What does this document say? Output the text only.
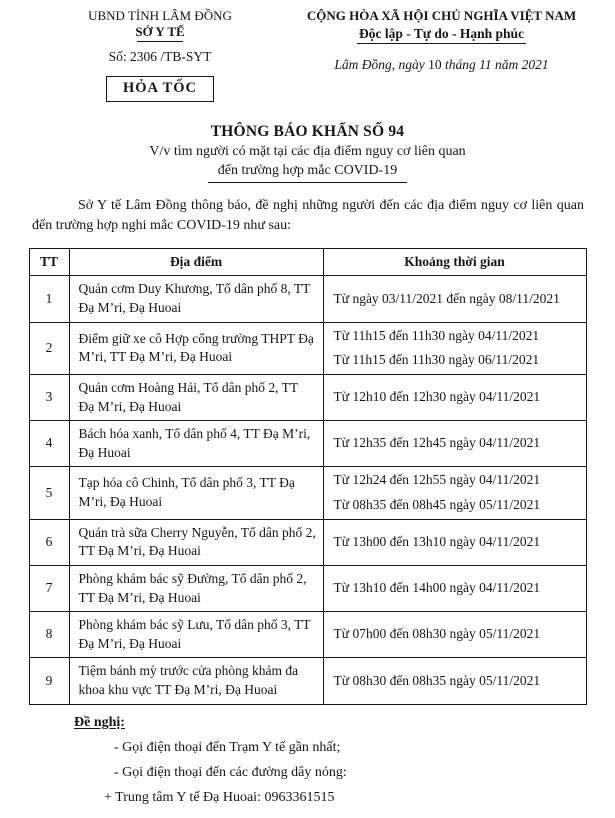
UBND TỈNH LÂM ĐỒNG
SỞ Y TẾ
Số: 2306 /TB-SYT
HỎA TỐC
CỘNG HÒA XÃ HỘI CHỦ NGHĨA VIỆT NAM
Độc lập - Tự do - Hạnh phúc
Lâm Đồng, ngày 10 tháng 11 năm 2021
THÔNG BÁO KHẨN SỐ 94
V/v tìm người có mặt tại các địa điểm nguy cơ liên quan
đến trường hợp mắc COVID-19

Sở Y tế Lâm Đồng thông báo, đề nghị những người đến các địa điểm nguy cơ liên quan đến trường hợp nghi mắc COVID-19 như sau:

TT	Địa điểm	Khoảng thời gian
1	Quán cơm Duy Khương, Tổ dân phố 8, TT Đạ M’ri, Đạ Huoai	Từ ngày 03/11/2021 đến ngày 08/11/2021

2	Điểm giữ xe cô Hợp cổng trường THPT Đạ M’ri, TT Đạ M’ri, Đạ Huoai	Từ 11h15 đến 11h30 ngày 04/11/2021
Từ 11h15 đến 11h30 ngày 06/11/2021

3	Quán cơm Hoàng Hải, Tổ dân phố 2, TT Đạ M’ri, Đạ Huoai	Từ 12h10 đến 12h30 ngày 04/11/2021

4	Bách hóa xanh, Tổ dân phố 4, TT Đạ M’ri, Đạ Huoai	Từ 12h35 đến 12h45 ngày 04/11/2021

5	Tạp hóa cô Chinh, Tổ dân phố 3, TT Đạ M’ri, Đạ Huoai	Từ 12h24 đến 12h55 ngày 04/11/2021
Từ 08h35 đến 08h45 ngày 05/11/2021

6	Quán trà sữa Cherry Nguyễn, Tổ dân phố 2, TT Đạ M’ri, Đạ Huoai	Từ 13h00 đến 13h10 ngày 04/11/2021

7	Phòng khám bác sỹ Đường, Tổ dân phố 2, TT Đạ M’ri, Đạ Huoai	Từ 13h10 đến 14h00 ngày 04/11/2021

8	Phòng khám bác sỹ Lưu, Tổ dân phố 3, TT Đạ M’ri, Đạ Huoai	Từ 07h00 đến 08h30 ngày 05/11/2021

9	Tiệm bánh mỳ trước cửa phòng khám đa khoa khu vực TT Đạ M’ri, Đạ Huoai	Từ 08h30 đến 08h35 ngày 05/11/2021
Đề nghị:
- Gọi điện thoại đến Trạm Y tế gần nhất;
- Gọi điện thoại đến các đường dây nóng:
+ Trung tâm Y tế Đạ Huoai: 0963361515
